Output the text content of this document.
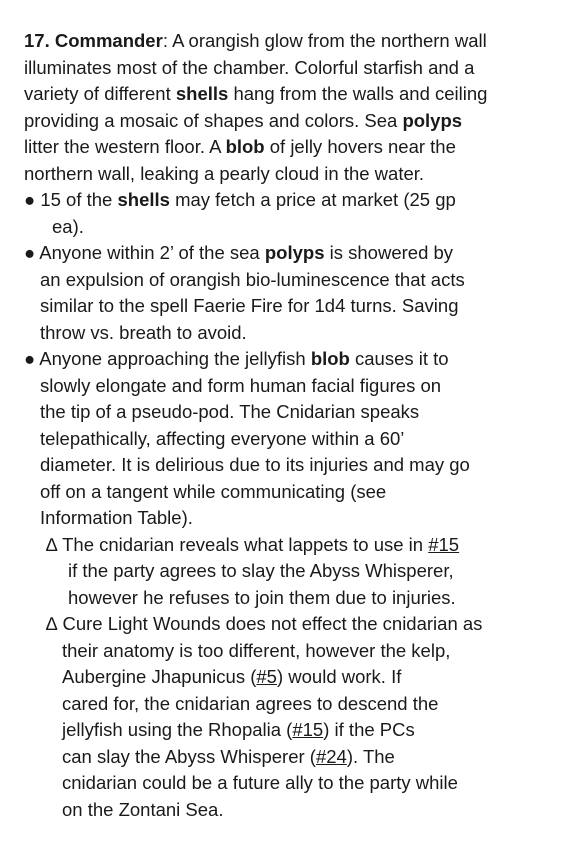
17. Commander: A orangish glow from the northern wall
illuminates most of the chamber. Colorful starfish and a
variety of different shells hang from the walls and ceiling
providing a mosaic of shapes and colors. Sea polyps
litter the western floor. A blob of jelly hovers near the
northern wall, leaking a pearly cloud in the water.
● 15 of the shells may fetch a price at market (25 gp
ea).
● Anyone within 2’ of the sea polyps is showered by
an expulsion of orangish bio-luminescence that acts
similar to the spell Faerie Fire for 1d4 turns. Saving
throw vs. breath to avoid.
● Anyone approaching the jellyfish blob causes it to
slowly elongate and form human facial figures on
the tip of a pseudo-pod. The Cnidarian speaks
telepathically, affecting everyone within a 60’
diameter. It is delirious due to its injuries and may go
off on a tangent while communicating (see
Information Table).
∆ The cnidarian reveals what lappets to use in #15
if the party agrees to slay the Abyss Whisperer,
however he refuses to join them due to injuries.
∆ Cure Light Wounds does not effect the cnidarian as
their anatomy is too different, however the kelp,
Aubergine Jhapunicus (#5) would work. If
cared for, the cnidarian agrees to descend the
jellyfish using the Rhopalia (#15) if the PCs
can slay the Abyss Whisperer (#24). The
cnidarian could be a future ally to the party while
on the Zontani Sea.
